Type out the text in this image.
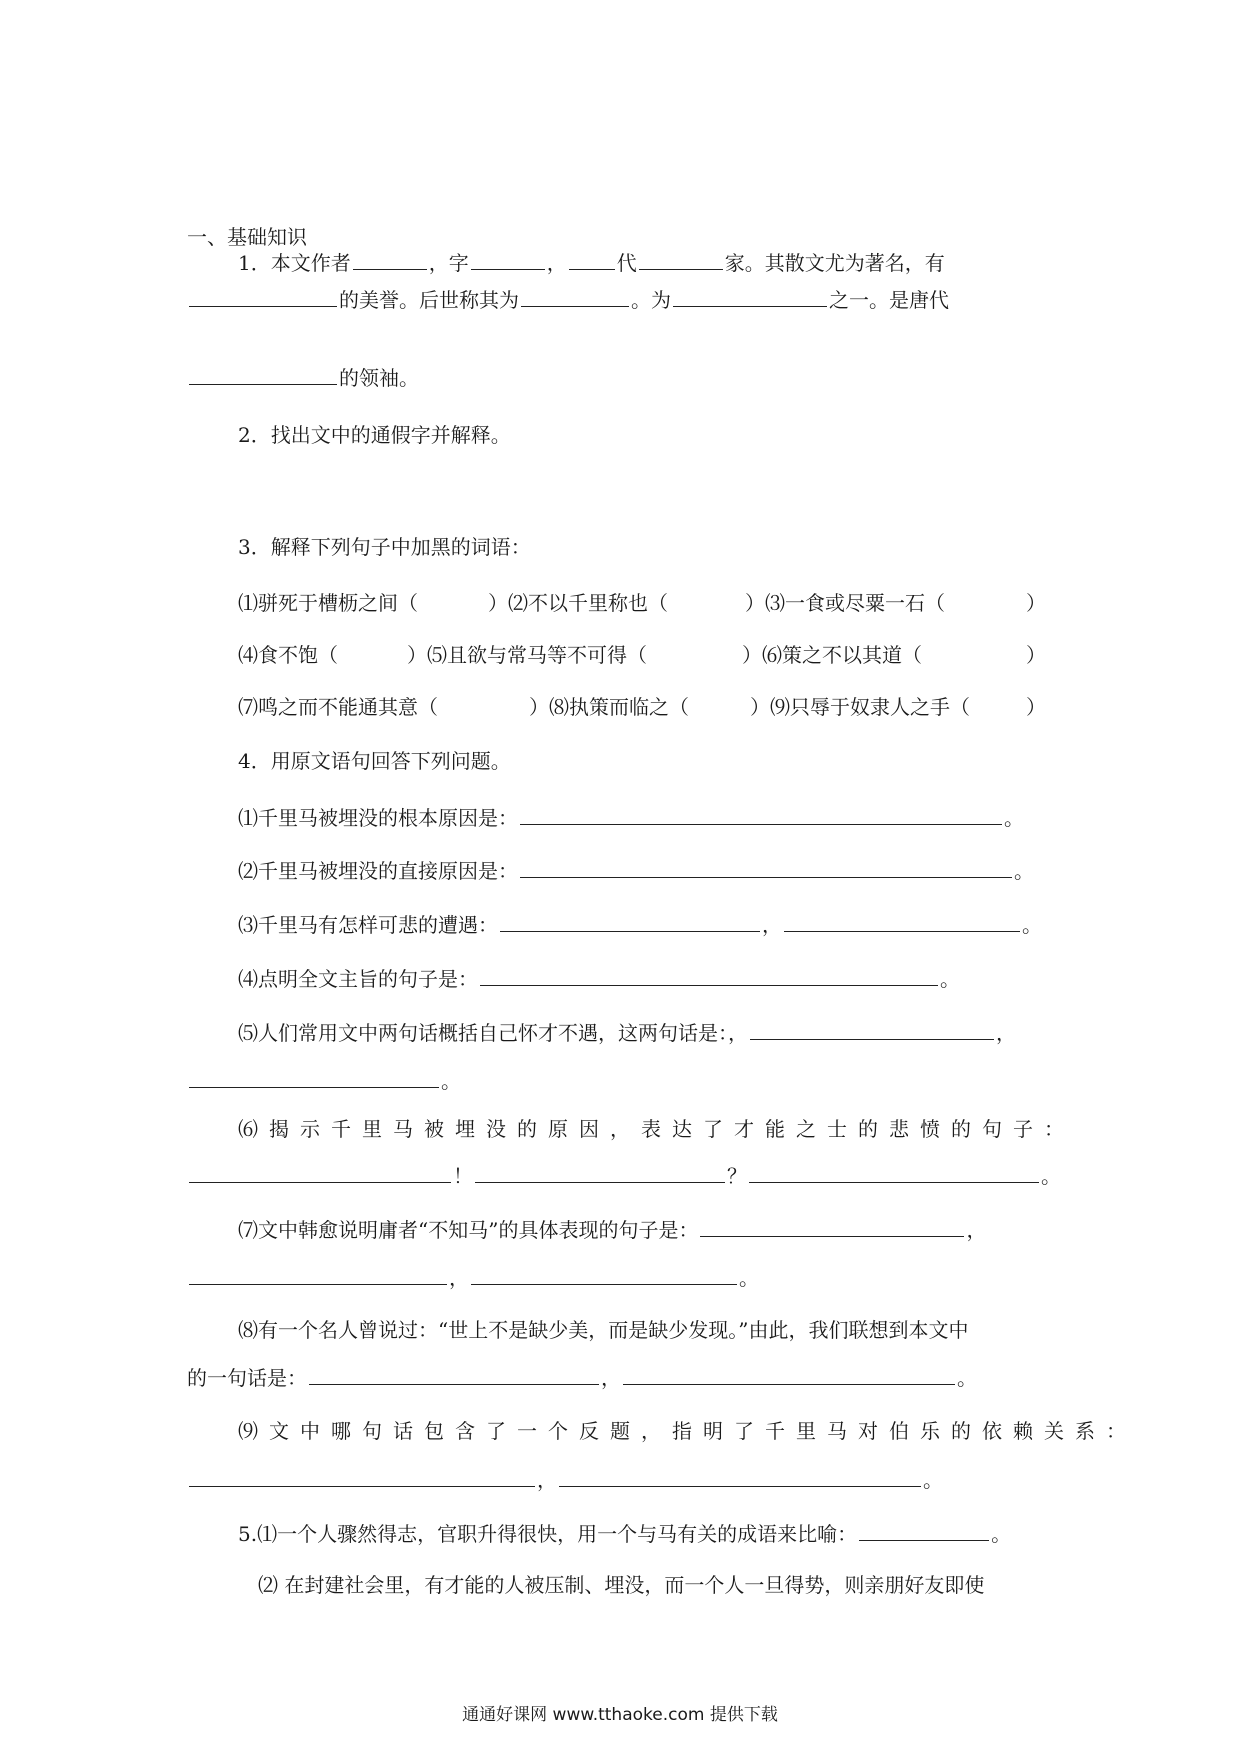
一、基础知识
1．本文作者	，字	，	代	家。其散文尤为著名，有
的美誉。后世称其为	。为	之一。是唐代
的领袖。
2．找出文中的通假字并解释。
3．解释下列句子中加黑的词语：
⑴骈死于槽枥之间（	）⑵不以千里称也（	）⑶一食或尽粟一石（	）
⑷食不饱（	）⑸且欲与常马等不可得（	）⑹策之不以其道（	）
⑺鸣之而不能通其意（	）⑻执策而临之（	）⑼只辱于奴隶人之手（	）
4．用原文语句回答下列问题。
⑴千里马被埋没的根本原因是：	。
⑵千里马被埋没的直接原因是：	。
⑶千里马有怎样可悲的遭遇：	，	。
⑷点明全文主旨的句子是：	。
⑸人们常用文中两句话概括自己怀才不遇，这两句话是：，	，
。
⑹揭示千里马被埋没的原因，表达了才能之士的悲愤的句子：
！	？	。
⑺文中韩愈说明庸者“不知马”的具体表现的句子是：	，
，	。
⑻有一个名人曾说过：“世上不是缺少美，而是缺少发现。”由此，我们联想到本文中
的一句话是：	，	。
⑼文中哪句话包含了一个反题，指明了千里马对伯乐的依赖关系：
，	。
5.⑴一个人骤然得志，官职升得很快，用一个与马有关的成语来比喻：	。
⑵ 在封建社会里，有才能的人被压制、埋没，而一个人一旦得势，则亲朋好友即使
通通好课网 www.tthaoke.com 提供下载
